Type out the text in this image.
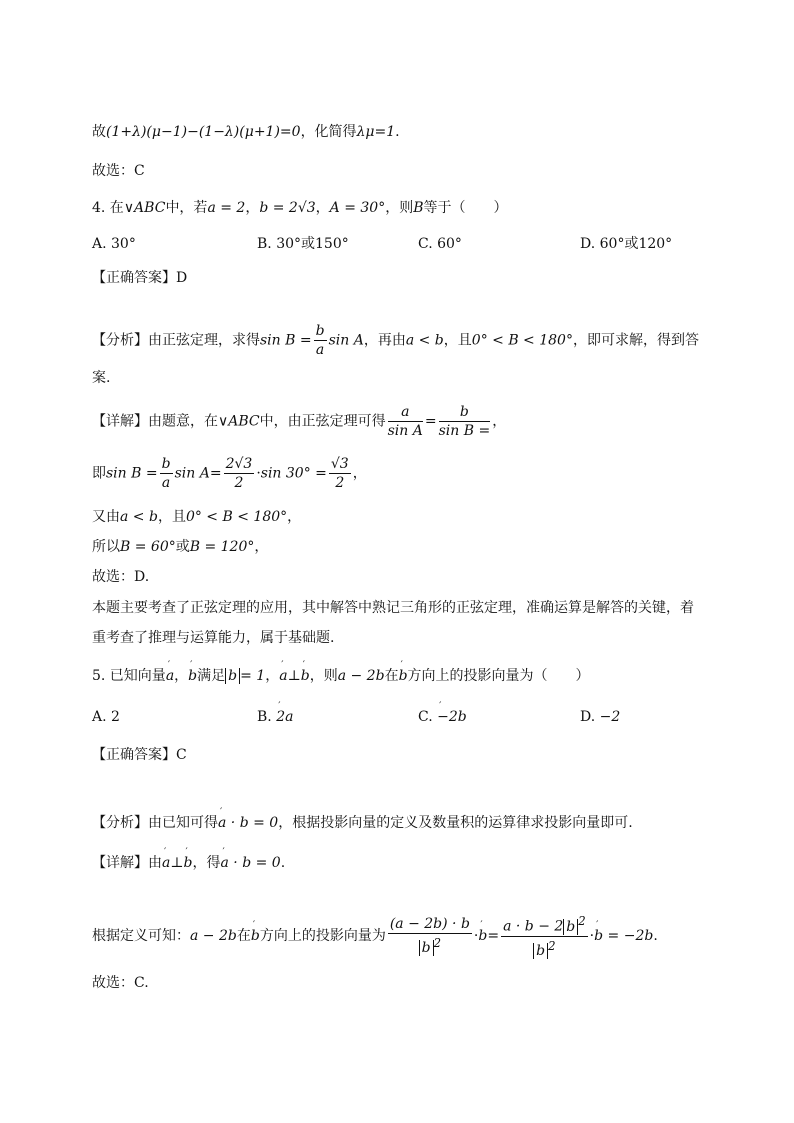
故(1+λ)(μ−1)−(1−λ)(μ+1)=0，化简得λμ=1.
故选：C
4. 在∨ABC中，若a = 2，b = 2√3，A = 30°，则B等于（　　）
A. 30°	B. 30°或150°	C. 60°	D. 60°或120°
【正确答案】D
【分析】由正弦定理，求得$\sin B = \frac{b}{a}$ sin A，再由a < b，且0° < B < 180°，即可求解，得到答
案.
【详解】由题意，在∨ABC中，由正弦定理可得 $\frac{a}{\text{sin A}} = \frac{b}{\text{sin B =}}$ ，
即$\sin B = \frac{b}{a}$ $\sin A= \frac{2√3}{2} \cdot\sin$ $30^\circ = \frac{√3}{2}$ ，
又由a < b，且0° < B < 180°，
所以B = 60°或B = 120°，
故选：D.
本题主要考查了正弦定理的应用，其中解答中熟记三角形的正弦定理，准确运算是解答的关键，着
重考查了推理与运算能力，属于基础题.
5. 已知向量′ a，′ b满足 b = 1，′ a⊥′ b，则a − 2b在′ b方向上的投影向量为（　　）
A. 2	B. ′ 2a	C. ′ −2b	D. −2
【正确答案】C
【分析】由已知可得′ a · b = 0，根据投影向量的定义及数量积的运算律求投影向量即可.
【详解】由′ a⊥′ b，得′ a · b = 0.
根据定义可知：a − 2b在′ b方向上的投影向量为 $\frac{(a - 2b) \cdot b}{b ^2}$ ·′ $b= \frac{a \cdot b - 2 b ^2}{b ^2}$ ·′ b = −2b.
故选：C.
